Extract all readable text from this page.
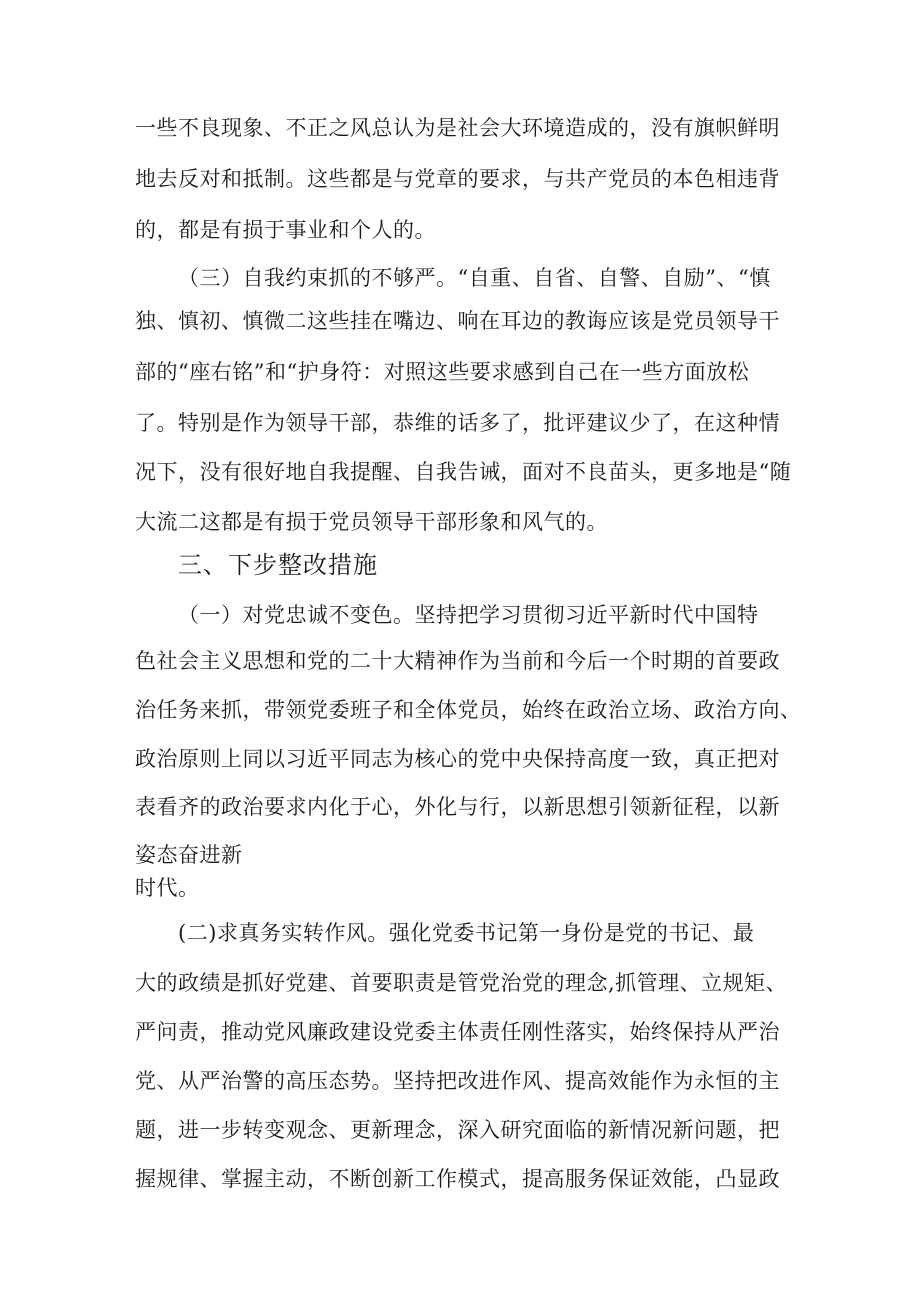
一些不良现象、不正之风总认为是社会大环境造成的，没有旗帜鲜明
地去反对和抵制。这些都是与党章的要求，与共产党员的本色相违背
的，都是有损于事业和个人的。
（三）自我约束抓的不够严。“自重、自省、自警、自励”、“慎
独、慎初、慎微二这些挂在嘴边、响在耳边的教诲应该是党员领导干
部的“座右铭”和“护身符：对照这些要求感到自己在一些方面放松
了。特别是作为领导干部，恭维的话多了，批评建议少了，在这种情
况下，没有很好地自我提醒、自我告诫，面对不良苗头，更多地是“随
大流二这都是有损于党员领导干部形象和风气的。
三、下步整改措施
（一）对党忠诚不变色。坚持把学习贯彻习近平新时代中国特
色社会主义思想和党的二十大精神作为当前和今后一个时期的首要政
治任务来抓，带领党委班子和全体党员，始终在政治立场、政治方向、
政治原则上同以习近平同志为核心的党中央保持高度一致，真正把对
表看齐的政治要求内化于心，外化与行，以新思想引领新征程，以新
姿态奋进新
时代。
(二)求真务实转作风。强化党委书记第一身份是党的书记、最
大的政绩是抓好党建、首要职责是管党治党的理念,抓管理、立规矩、
严问责，推动党风廉政建设党委主体责任刚性落实，始终保持从严治
党、从严治警的高压态势。坚持把改进作风、提高效能作为永恒的主
题，进一步转变观念、更新理念，深入研究面临的新情况新问题，把
握规律、掌握主动，不断创新工作模式，提高服务保证效能，凸显政
